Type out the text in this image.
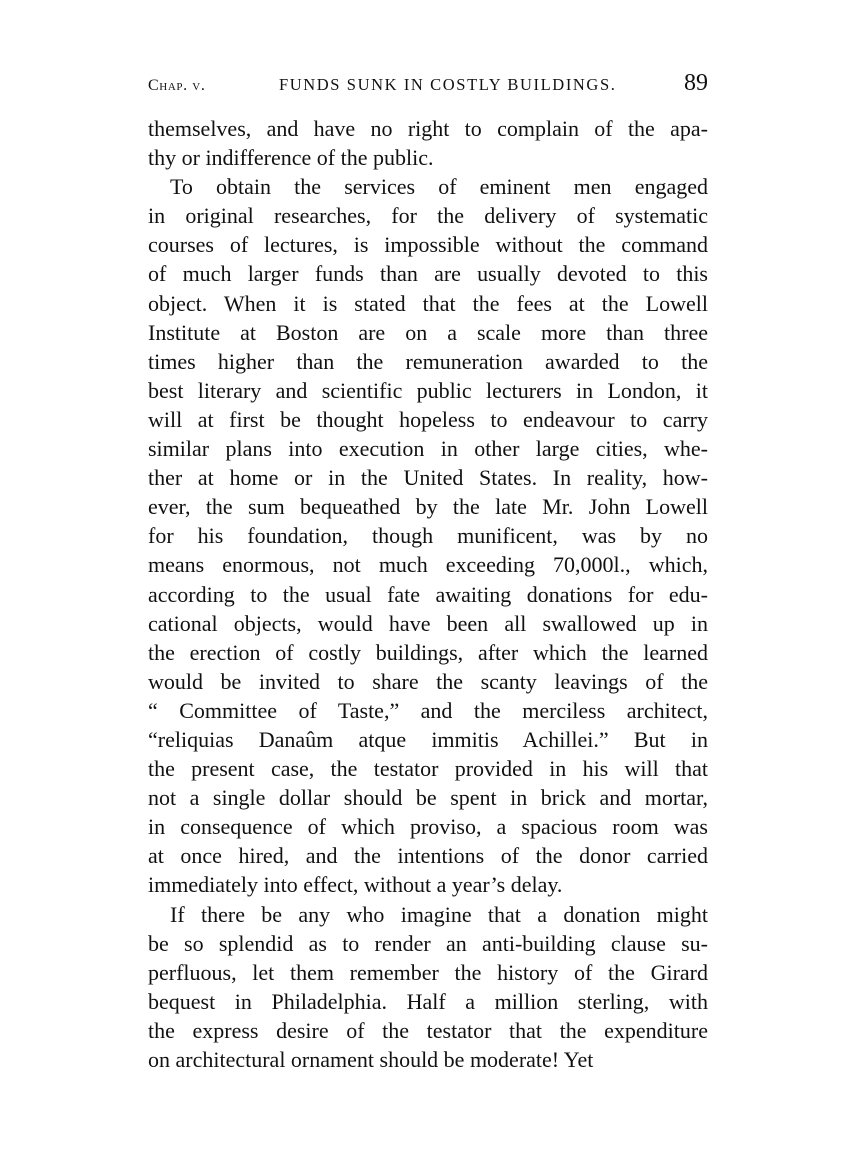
Chap. v.	FUNDS SUNK IN COSTLY BUILDINGS.	89
themselves, and have no right to complain of the apa-
thy or indifference of the public.
To obtain the services of eminent men engaged
in original researches, for the delivery of systematic
courses of lectures, is impossible without the command
of much larger funds than are usually devoted to this
object. When it is stated that the fees at the Lowell
Institute at Boston are on a scale more than three
times higher than the remuneration awarded to the
best literary and scientific public lecturers in London, it
will at first be thought hopeless to endeavour to carry
similar plans into execution in other large cities, whe-
ther at home or in the United States. In reality, how-
ever, the sum bequeathed by the late Mr. John Lowell
for his foundation, though munificent, was by no
means enormous, not much exceeding 70,000l., which,
according to the usual fate awaiting donations for edu-
cational objects, would have been all swallowed up in
the erection of costly buildings, after which the learned
would be invited to share the scanty leavings of the
“ Committee of Taste,” and the merciless architect,
“reliquias Danaûm atque immitis Achillei.” But in
the present case, the testator provided in his will that
not a single dollar should be spent in brick and mortar,
in consequence of which proviso, a spacious room was
at once hired, and the intentions of the donor carried
immediately into effect, without a year’s delay.
If there be any who imagine that a donation might
be so splendid as to render an anti-building clause su-
perfluous, let them remember the history of the Girard
bequest in Philadelphia. Half a million sterling, with
the express desire of the testator that the expenditure
on architectural ornament should be moderate! Yet
